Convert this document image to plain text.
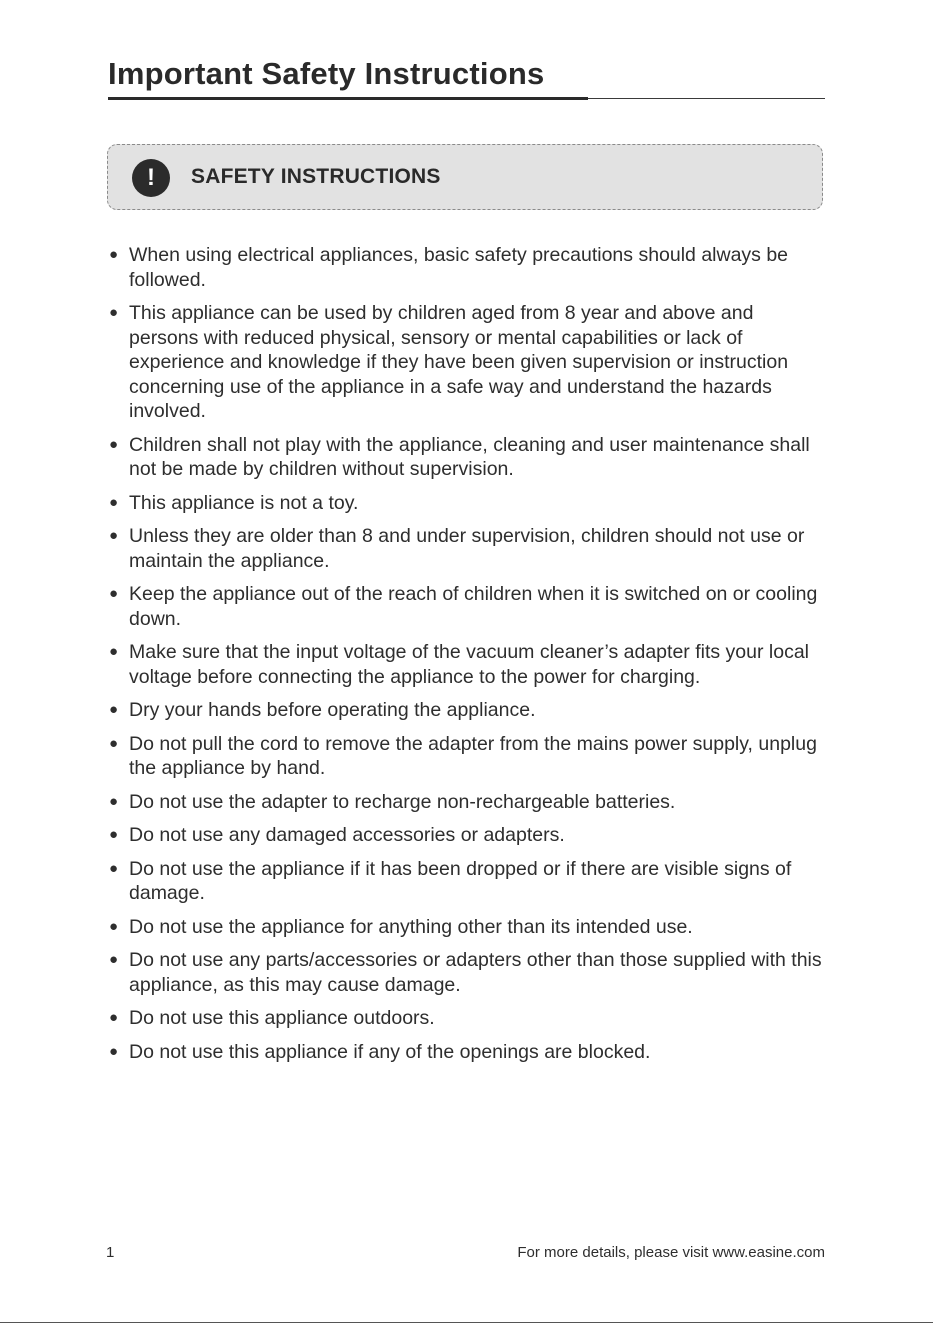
Important Safety Instructions
!	SAFETY INSTRUCTIONS
● When using electrical appliances, basic safety precautions should always be followed.
● This appliance can be used by children aged from 8 year and above and persons with reduced physical, sensory or mental capabilities or lack of experience and knowledge if they have been given supervision or instruction concerning use of the appliance in a safe way and understand the hazards involved.
● Children shall not play with the appliance, cleaning and user maintenance shall not be made by children without supervision.
● This appliance is not a toy.
● Unless they are older than 8 and under supervision, children should not use or maintain the appliance.
● Keep the appliance out of the reach of children when it is switched on or cooling down.
● Make sure that the input voltage of the vacuum cleaner’s adapter fits your local voltage before connecting the appliance to the power for charging.
● Dry your hands before operating the appliance.
● Do not pull the cord to remove the adapter from the mains power supply, unplug the appliance by hand.
● Do not use the adapter to recharge non-rechargeable batteries.
● Do not use any damaged accessories or adapters.
● Do not use the appliance if it has been dropped or if there are visible signs of damage.
● Do not use the appliance for anything other than its intended use.
● Do not use any parts/accessories or adapters other than those supplied with this appliance, as this may cause damage.
● Do not use this appliance outdoors.
● Do not use this appliance if any of the openings are blocked.
1	For more details, please visit www.easine.com
